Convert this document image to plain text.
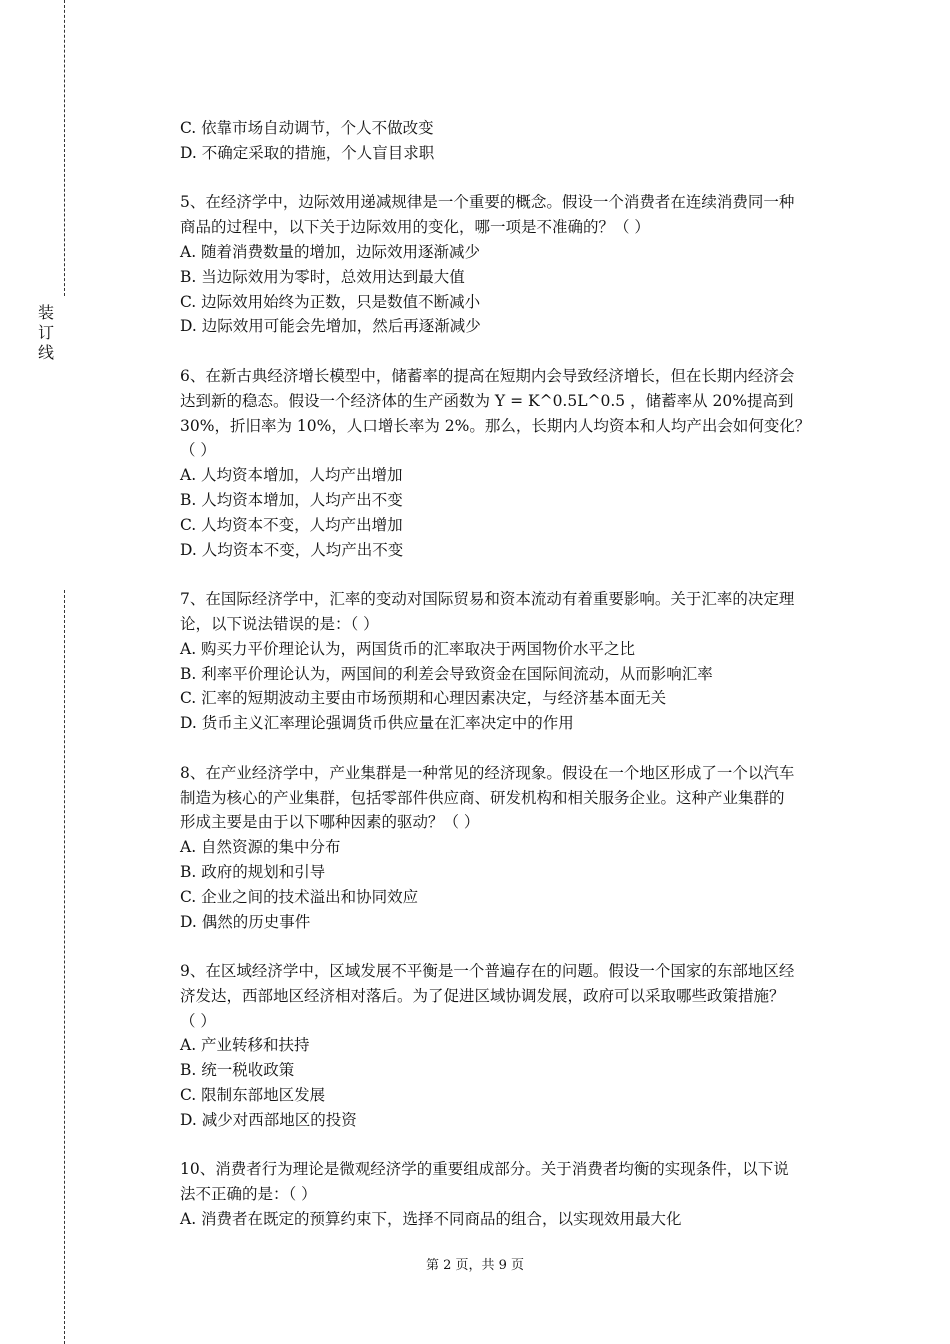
装
订
线
C. 依靠市场自动调节，个人不做改变
D. 不确定采取的措施，个人盲目求职
5、在经济学中，边际效用递减规律是一个重要的概念。假设一个消费者在连续消费同一种
商品的过程中，以下关于边际效用的变化，哪一项是不准确的？（ ）
A. 随着消费数量的增加，边际效用逐渐减少
B. 当边际效用为零时，总效用达到最大值
C. 边际效用始终为正数，只是数值不断减小
D. 边际效用可能会先增加，然后再逐渐减少
6、在新古典经济增长模型中，储蓄率的提高在短期内会导致经济增长，但在长期内经济会
达到新的稳态。假设一个经济体的生产函数为 Y = K^0.5L^0.5 ，储蓄率从 20%提高到
30%，折旧率为 10%，人口增长率为 2%。那么，长期内人均资本和人均产出会如何变化？
（ ）
A. 人均资本增加，人均产出增加
B. 人均资本增加，人均产出不变
C. 人均资本不变，人均产出增加
D. 人均资本不变，人均产出不变
7、在国际经济学中，汇率的变动对国际贸易和资本流动有着重要影响。关于汇率的决定理
论，以下说法错误的是：（ ）
A. 购买力平价理论认为，两国货币的汇率取决于两国物价水平之比
B. 利率平价理论认为，两国间的利差会导致资金在国际间流动，从而影响汇率
C. 汇率的短期波动主要由市场预期和心理因素决定，与经济基本面无关
D. 货币主义汇率理论强调货币供应量在汇率决定中的作用
8、在产业经济学中，产业集群是一种常见的经济现象。假设在一个地区形成了一个以汽车
制造为核心的产业集群，包括零部件供应商、研发机构和相关服务企业。这种产业集群的
形成主要是由于以下哪种因素的驱动？（ ）
A. 自然资源的集中分布
B. 政府的规划和引导
C. 企业之间的技术溢出和协同效应
D. 偶然的历史事件
9、在区域经济学中，区域发展不平衡是一个普遍存在的问题。假设一个国家的东部地区经
济发达，西部地区经济相对落后。为了促进区域协调发展，政府可以采取哪些政策措施？
（ ）
A. 产业转移和扶持
B. 统一税收政策
C. 限制东部地区发展
D. 减少对西部地区的投资
10、消费者行为理论是微观经济学的重要组成部分。关于消费者均衡的实现条件，以下说
法不正确的是：（ ）
A. 消费者在既定的预算约束下，选择不同商品的组合，以实现效用最大化
第 2 页，共 9 页
